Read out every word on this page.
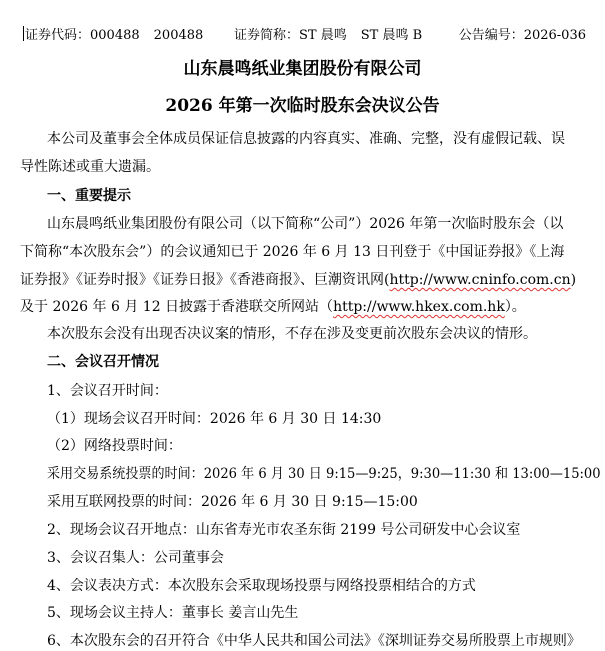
证券代码：000488 200488 证券简称：ST 晨鸣 ST 晨鸣 B	公告编号：2026-036
山东晨鸣纸业集团股份有限公司
2026 年第一次临时股东会决议公告
本公司及董事会全体成员保证信息披露的内容真实、准确、完整，没有虚假记载、误
导性陈述或重大遗漏。
一、重要提示
山东晨鸣纸业集团股份有限公司（以下简称“公司”）2026 年第一次临时股东会（以
下简称“本次股东会”）的会议通知已于 2026 年 6 月 13 日刊登于《中国证券报》《上海
证券报》《证券时报》《证券日报》《香港商报》、巨潮资讯网(http://www.cninfo.com.cn)
及于 2026 年 6 月 12 日披露于香港联交所网站（http://www.hkex.com.hk）。
本次股东会没有出现否决议案的情形，不存在涉及变更前次股东会决议的情形。
二、会议召开情况
1、会议召开时间：
（1）现场会议召开时间：2026 年 6 月 30 日 14:30
（2）网络投票时间：
采用交易系统投票的时间：2026 年 6 月 30 日 9:15—9:25，9:30—11:30 和 13:00—15:00
采用互联网投票的时间：2026 年 6 月 30 日 9:15—15:00
2、现场会议召开地点：山东省寿光市农圣东街 2199 号公司研发中心会议室
3、会议召集人：公司董事会
4、会议表决方式：本次股东会采取现场投票与网络投票相结合的方式
5、现场会议主持人：董事长 姜言山先生
6、本次股东会的召开符合《中华人民共和国公司法》《深圳证券交易所股票上市规则》
